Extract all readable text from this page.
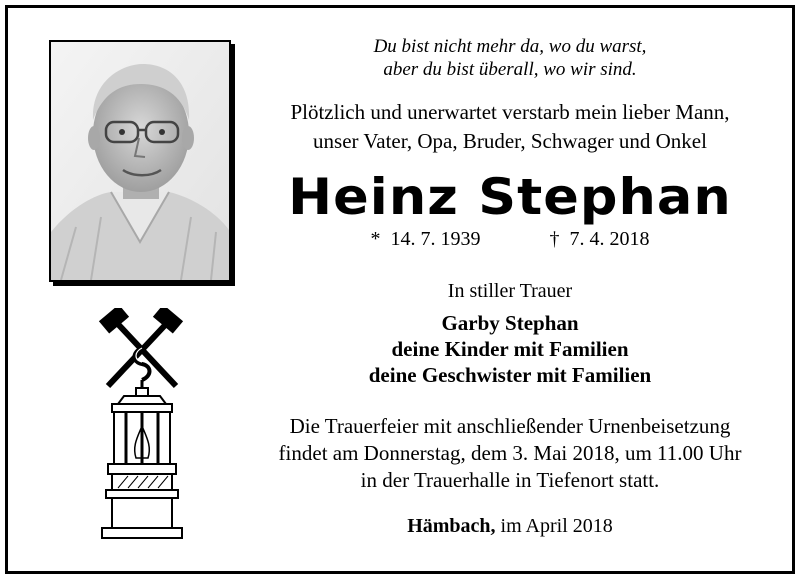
Du bist nicht mehr da, wo du warst,

aber du bist überall, wo wir sind.

Plötzlich und unerwartet verstarb mein lieber Mann,

unser Vater, Opa, Bruder, Schwager und Onkel

Heinz Stephan
* 14. 7. 1939	† 7. 4. 2018
In stiller Trauer

Garby Stephan

deine Kinder mit Familien

deine Geschwister mit Familien

Die Trauerfeier mit anschließender Urnenbeisetzung

findet am Donnerstag, dem 3. Mai 2018, um 11.00 Uhr

in der Trauerhalle in Tiefenort statt.

Hämbach, im April 2018
